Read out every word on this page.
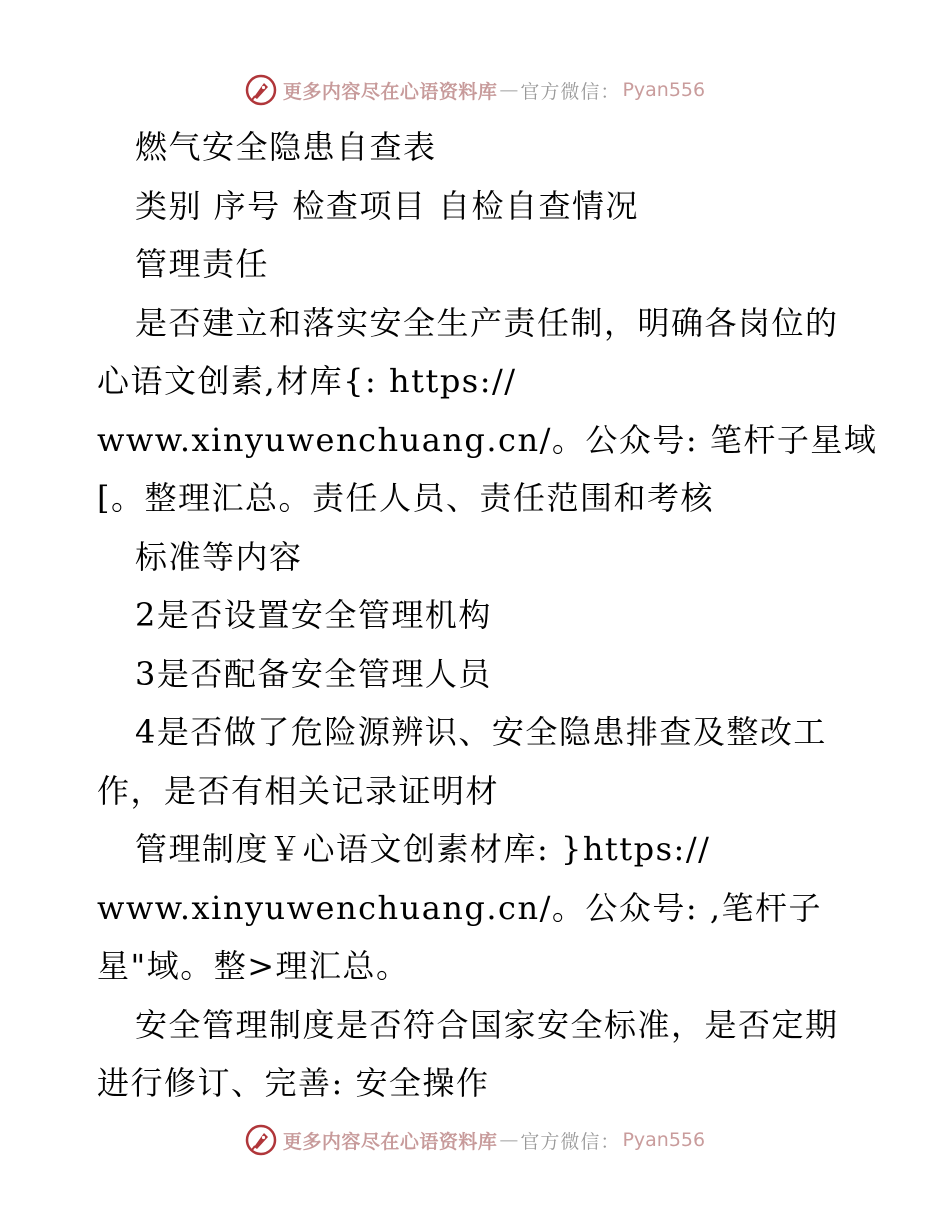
更多内容尽在心语资料库 — 官方微信： Pyan556
燃气安全隐患自查表
类别 序号 检查项目 自检自查情况
管理责任
是否建立和落实安全生产责任制，明确各岗位的
心语文创素,材库{: https://
www.xinyuwenchuang.cn/。公众号: 笔杆子星域
[。整理汇总。责任人员、责任范围和考核
标准等内容
2是否设置安全管理机构
3是否配备安全管理人员
4是否做了危险源辨识、安全隐患排查及整改工
作，是否有相关记录证明材
管理制度￥心语文创素材库: }https://
www.xinyuwenchuang.cn/。公众号: ,笔杆子
星"域。整>理汇总。
安全管理制度是否符合国家安全标准，是否定期
进行修订、完善: 安全操作
更多内容尽在心语资料库 — 官方微信： Pyan556
